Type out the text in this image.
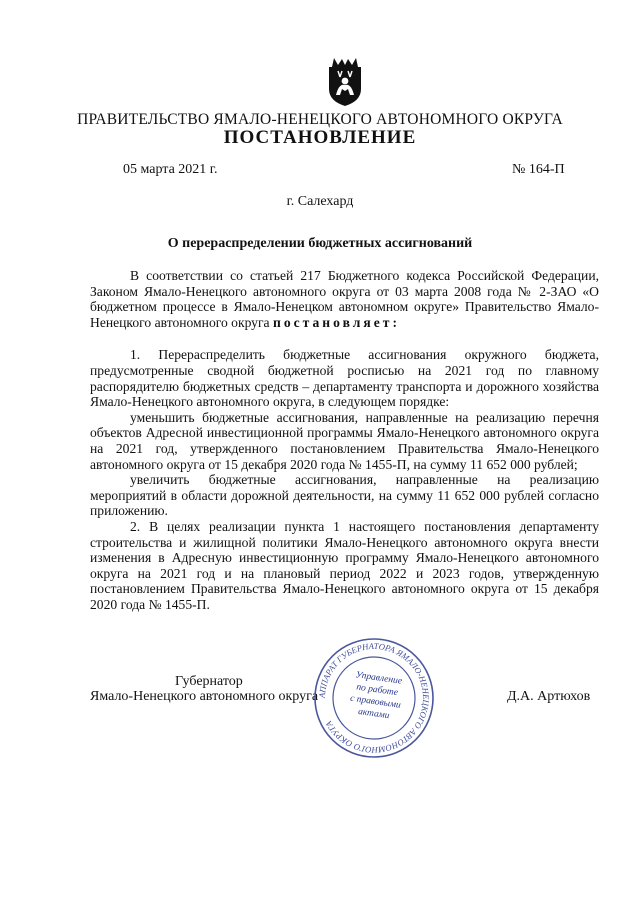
ПРАВИТЕЛЬСТВО ЯМАЛО-НЕНЕЦКОГО АВТОНОМНОГО ОКРУГА
ПОСТАНОВЛЕНИЕ
05 марта 2021 г.	№ 164-П
г. Салехард
О перераспределении бюджетных ассигнований

В соответствии со статьей 217 Бюджетного кодекса Российской Федерации, Законом Ямало-Ненецкого автономного округа от 03 марта 2008 года № 2-ЗАО «О бюджетном процессе в Ямало-Ненецком автономном округе» Правительство Ямало-Ненецкого автономного округа постановляет:

1. Перераспределить бюджетные ассигнования окружного бюджета, предусмотренные сводной бюджетной росписью на 2021 год по главному распорядителю бюджетных средств – департаменту транспорта и дорожного хозяйства Ямало-Ненецкого автономного округа, в следующем порядке:

уменьшить бюджетные ассигнования, направленные на реализацию перечня объектов Адресной инвестиционной программы Ямало-Ненецкого автономного округа на 2021 год, утвержденного постановлением Правительства Ямало-Ненецкого автономного округа от 15 декабря 2020 года № 1455-П, на сумму 11 652 000 рублей;

увеличить бюджетные ассигнования, направленные на реализацию мероприятий в области дорожной деятельности, на сумму 11 652 000 рублей согласно приложению.

2. В целях реализации пункта 1 настоящего постановления департаменту строительства и жилищной политики Ямало-Ненецкого автономного округа внести изменения в Адресную инвестиционную программу Ямало-Ненецкого автономного округа на 2021 год и на плановый период 2022 и 2023 годов, утвержденную постановлением Правительства Ямало-Ненецкого автономного округа от 15 декабря 2020 года № 1455-П.

Губернатор
Ямало-Ненецкого автономного округа	Д.А. Артюхов
АППАРАТ ГУБЕРНАТОРА ЯМАЛО-НЕНЕЦКОГО АВТОНОМНОГО ОКРУГА
Управление
по работе
с правовыми
актами
